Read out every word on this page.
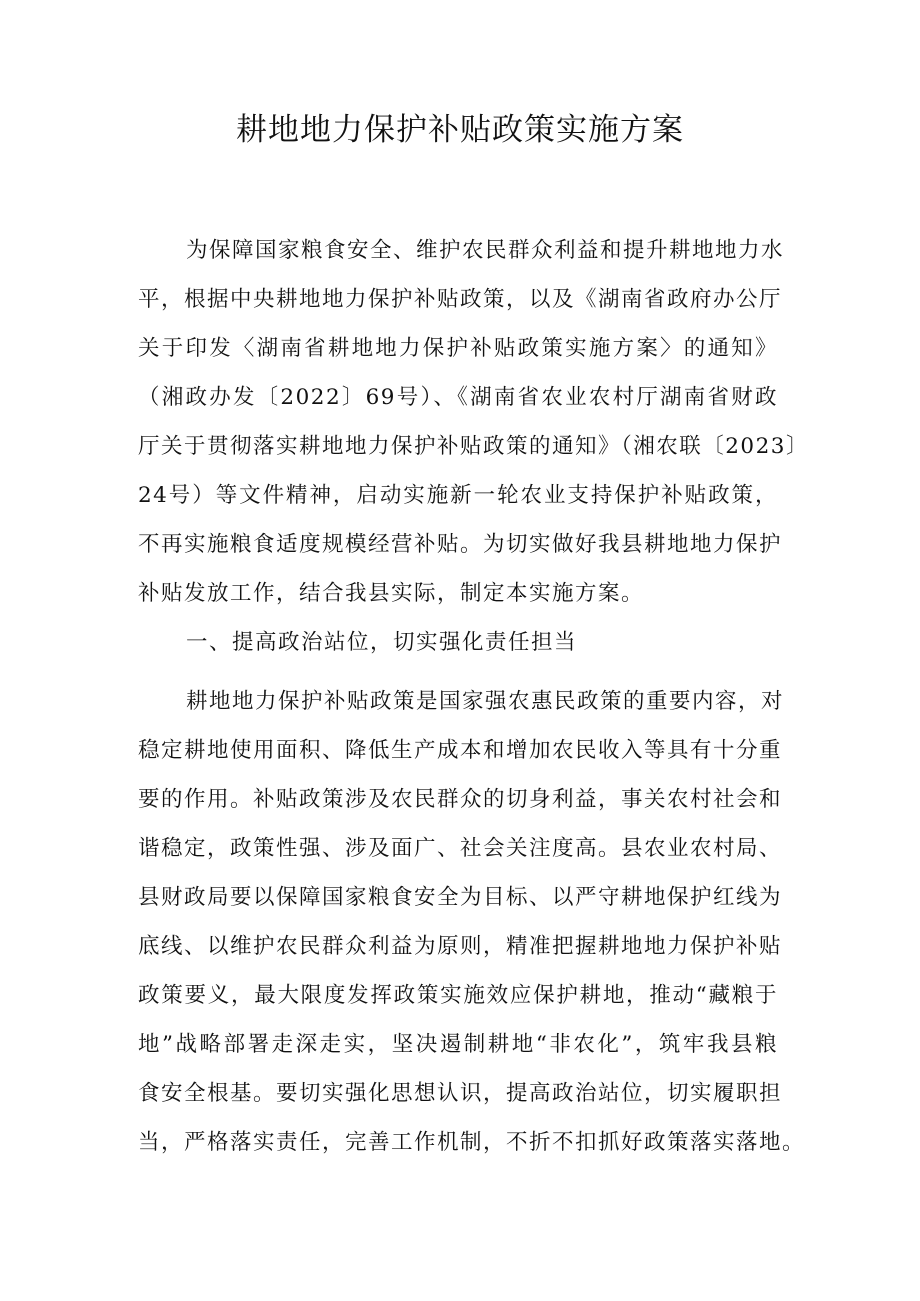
耕地地力保护补贴政策实施方案
为保障国家粮食安全、维护农民群众利益和提升耕地地力水
平，根据中央耕地地力保护补贴政策，以及《湖南省政府办公厅
关于印发〈湖南省耕地地力保护补贴政策实施方案〉的通知》
（湘政办发〔2022〕69号）、《湖南省农业农村厅湖南省财政
厅关于贯彻落实耕地地力保护补贴政策的通知》（湘农联〔2023〕
24号）等文件精神，启动实施新一轮农业支持保护补贴政策，
不再实施粮食适度规模经营补贴。为切实做好我县耕地地力保护
补贴发放工作，结合我县实际，制定本实施方案。
一、提高政治站位，切实强化责任担当
耕地地力保护补贴政策是国家强农惠民政策的重要内容，对
稳定耕地使用面积、降低生产成本和增加农民收入等具有十分重
要的作用。补贴政策涉及农民群众的切身利益，事关农村社会和
谐稳定，政策性强、涉及面广、社会关注度高。县农业农村局、
县财政局要以保障国家粮食安全为目标、以严守耕地保护红线为
底线、以维护农民群众利益为原则，精准把握耕地地力保护补贴
政策要义，最大限度发挥政策实施效应保护耕地，推动“藏粮于
地”战略部署走深走实，坚决遏制耕地“非农化”，筑牢我县粮
食安全根基。要切实强化思想认识，提高政治站位，切实履职担
当，严格落实责任，完善工作机制，不折不扣抓好政策落实落地。
